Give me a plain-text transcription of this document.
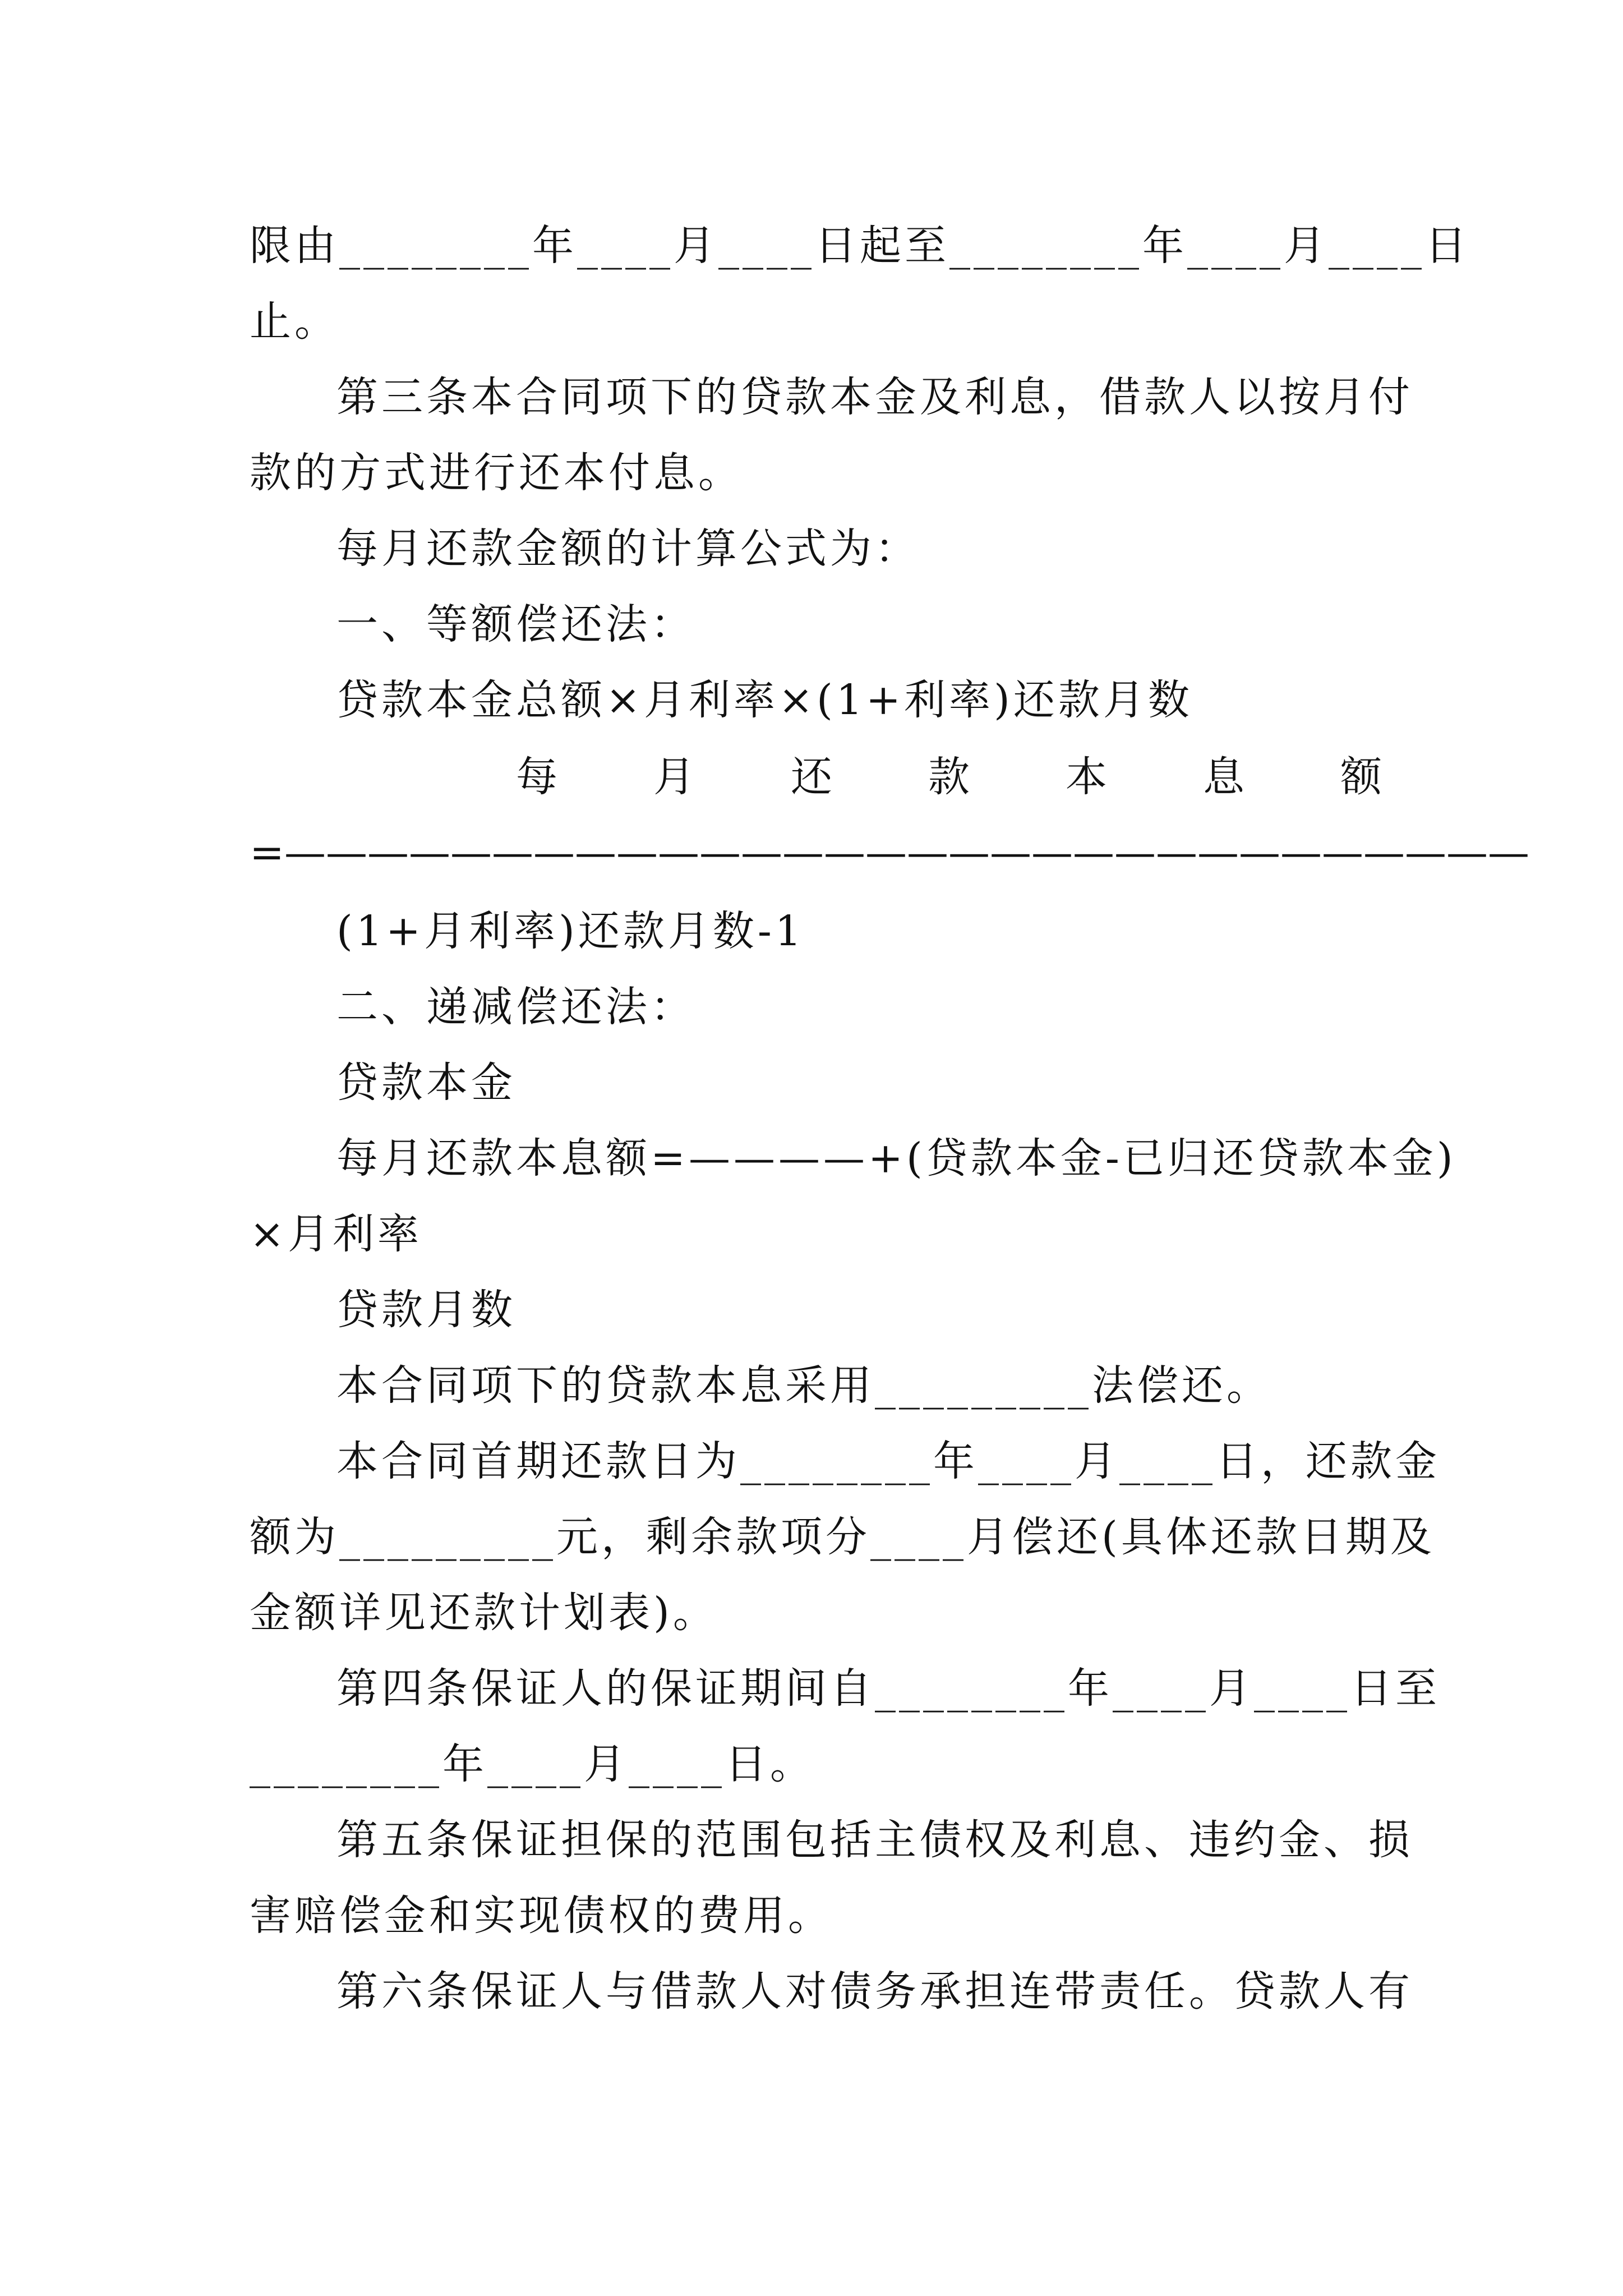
限由________年____月____日起至________年____月____日
止。
第三条本合同项下的贷款本金及利息，借款人以按月付
款的方式进行还本付息。
每月还款金额的计算公式为：
一、等额偿还法：
贷款本金总额×月利率×(1+利率)还款月数
每 月 还 款 本 息 额
=——————————————————————————————
(1+月利率)还款月数-1
二、递减偿还法：
贷款本金
每月还款本息额=————+(贷款本金-已归还贷款本金)
×月利率
贷款月数
本合同项下的贷款本息采用_________法偿还。
本合同首期还款日为________年____月____日，还款金
额为_________元，剩余款项分____月偿还(具体还款日期及
金额详见还款计划表)。
第四条保证人的保证期间自________年____月____日至
________年____月____日。
第五条保证担保的范围包括主债权及利息、违约金、损
害赔偿金和实现债权的费用。
第六条保证人与借款人对债务承担连带责任。贷款人有
